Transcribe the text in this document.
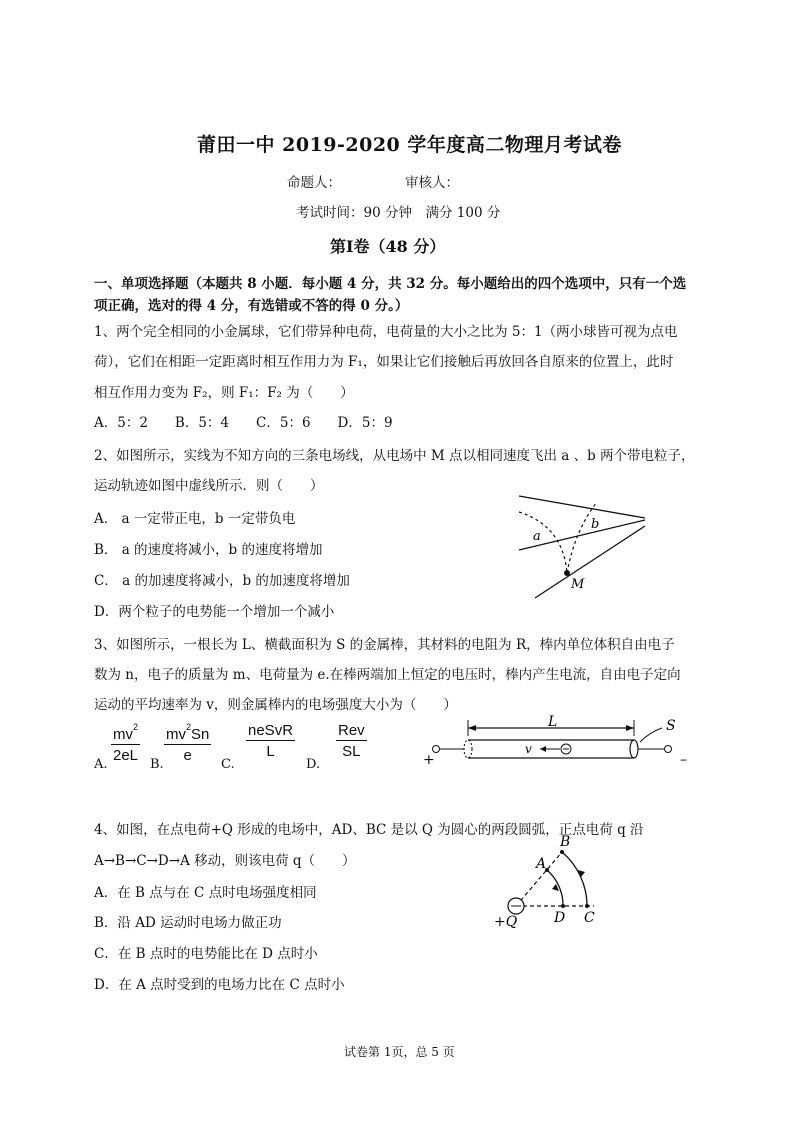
莆田一中 2019-2020 学年度高二物理月考试卷
命题人：	审核人：
考试时间：90 分钟　满分 100 分
第Ⅰ卷（48 分）
一、单项选择题（本题共 8 小题．每小题 4 分，共 32 分。每小题给出的四个选项中，只有一个选
项正确，选对的得 4 分，有选错或不答的得 0 分。）
1、两个完全相同的小金属球，它们带异种电荷，电荷量的大小之比为 5：1（两小球皆可视为点电
荷），它们在相距一定距离时相互作用力为 F₁，如果让它们接触后再放回各自原来的位置上，此时
相互作用力变为 F₂，则 F₁：F₂ 为（　　）
A．5：2　　B．5：4　　C．5：6　　D．5：9
2、如图所示，实线为不知方向的三条电场线，从电场中 M 点以相同速度飞出 a 、b 两个带电粒子，
运动轨迹如图中虚线所示．则（　　）
A． a 一定带正电，b 一定带负电
B． a 的速度将减小，b 的速度将增加
C． a 的加速度将减小，b 的加速度将增加
D．两个粒子的电势能一个增加一个减小
a
b
M
3、如图所示，一根长为 L、横截面积为 S 的金属棒，其材料的电阻为 R，棒内单位体积自由电子
数为 n，电子的质量为 m、电荷量为 e.在棒两端加上恒定的电压时，棒内产生电流，自由电子定向
运动的平均速率为 v，则金属棒内的电场强度大小为（　　）
A.
$\frac{mv^2}{2eL}$
B.
$\frac{mv^2Sn}{e}$
C.
neSvR
L
D.
Rev
SL
L
v
+	–
S
4、如图，在点电荷+Q 形成的电场中，AD、BC 是以 Q 为圆心的两段圆弧，正点电荷 q 沿
A→B→C→D→A 移动，则该电荷 q（　　）
A．在 B 点与在 C 点时电场强度相同
B．沿 AD 运动时电场力做正功
C．在 B 点时的电势能比在 D 点时小
D．在 A 点时受到的电场力比在 C 点时小
A
B
C
D
+Q
试卷第 1页，总 5 页
